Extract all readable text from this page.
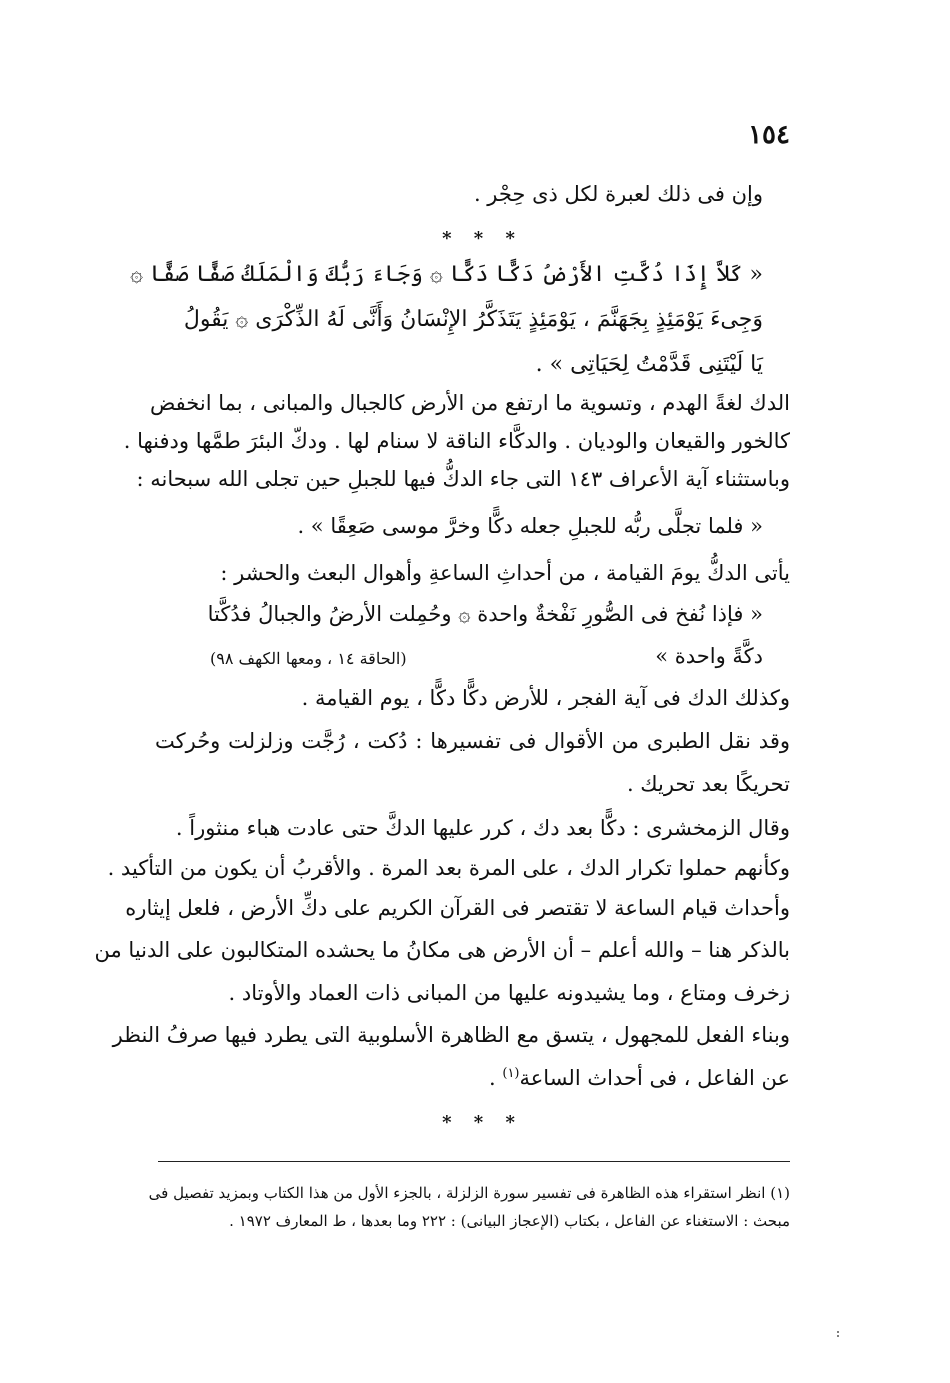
١٥٤
وإن فى ذلك لعبرة لكل ذى حِجْر .
* * *
« كَلاَّ إِذَا دُكَّتِ الأَرْضُ دَكًّا دَكًّا ۞ وَجَاءَ رَبُّكَ وَالْمَلَكُ صَفًّا صَفًّا ۞
وَجِىءَ يَوْمَئِذٍ بِجَهَنَّمَ ، يَوْمَئِذٍ يَتَذَكَّرُ الإِنْسَانُ وَأَنَّى لَهُ الذِّكْرَى ۞ يَقُولُ
يَا لَيْتَنِى قَدَّمْتُ لِحَيَاتِى » .
الدك لغةً الهدم ، وتسوية ما ارتفع من الأرض كالجبال والمبانى ، بما انخفض
كالخور والقيعان والوديان . والدكَّاء الناقة لا سنام لها . ودكّ البئرَ طمَّها ودفنها .
وباستثناء آية الأعراف ١٤٣ التى جاء الدكُّ فيها للجبلِ حين تجلى الله سبحانه :
« فلما تجلَّى ربُّه للجبلِ جعله دكًّا وخرَّ موسى صَعِقًا » .
يأتى الدكُّ يومَ القيامة ، من أحداثِ الساعةِ وأهوال البعث والحشر :
« فإذا نُفخ فى الصُّورِ نَفْخةٌ واحدة ۞ وحُمِلت الأرضُ والجبالُ فدُكَّتا
دكَّةً واحدة »
(الحاقة ١٤ ، ومعها الكهف ٩٨)
وكذلك الدك فى آية الفجر ، للأرض دكًّا دكًّا ، يوم القيامة .
وقد نقل الطبرى من الأقوال فى تفسيرها : دُكت ، رُجَّت وزلزلت وحُركت
تحريكًا بعد تحريك .
وقال الزمخشرى : دكًّا بعد دك ، كرر عليها الدكَّ حتى عادت هباء منثوراً .
وكأنهم حملوا تكرار الدك ، على المرة بعد المرة . والأقربُ أن يكون من التأكيد .
وأحداث قيام الساعة لا تقتصر فى القرآن الكريم على دكِّ الأرض ، فلعل إيثاره
بالذكر هنا – والله أعلم – أن الأرض هى مكانُ ما يحشده المتكالبون على الدنيا من
زخرف ومتاع ، وما يشيدونه عليها من المبانى ذات العماد والأوتاد .
وبناء الفعل للمجهول ، يتسق مع الظاهرة الأسلوبية التى يطرد فيها صرفُ النظر
عن الفاعل ، فى أحداث الساعة$^{(١)}$ .
* * *
(١) انظر استقراء هذه الظاهرة فى تفسير سورة الزلزلة ، بالجزء الأول من هذا الكتاب وبمزيد تفصيل فى
مبحث : الاستغناء عن الفاعل ، بكتاب (الإعجاز البيانى) : ٢٢٢ وما بعدها ، ط المعارف ١٩٧٢ .
